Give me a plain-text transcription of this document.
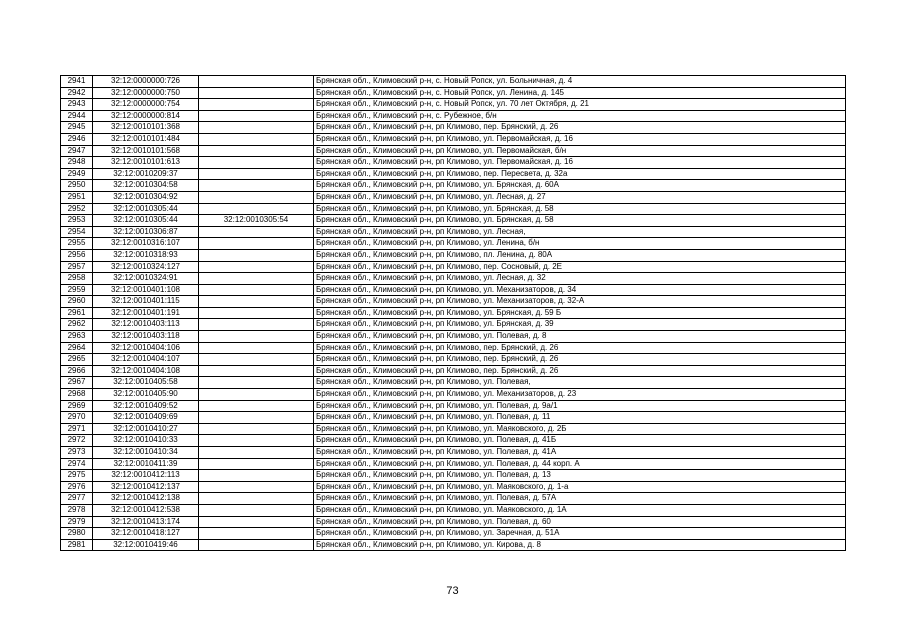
2941	32:12:0000000:726		Брянская обл., Климовский р-н, с. Новый Ропск, ул. Больничная, д. 4
2942	32:12:0000000:750		Брянская обл., Климовский р-н, с. Новый Ропск, ул. Ленина, д. 145
2943	32:12:0000000:754		Брянская обл., Климовский р-н, с. Новый Ропск, ул. 70 лет Октября, д. 21
2944	32:12:0000000:814		Брянская обл., Климовский р-н, с. Рубежное, б/н
2945	32:12:0010101:368		Брянская обл., Климовский р-н, рп Климово, пер. Брянский, д. 26
2946	32:12:0010101:484		Брянская обл., Климовский р-н, рп Климово, ул. Первомайская, д. 16
2947	32:12:0010101:568		Брянская обл., Климовский р-н, рп Климово, ул. Первомайская, б/н
2948	32:12:0010101:613		Брянская обл., Климовский р-н, рп Климово, ул. Первомайская, д. 16
2949	32:12:0010209:37		Брянская обл., Климовский р-н, рп Климово, пер. Пересвета, д. 32а
2950	32:12:0010304:58		Брянская обл., Климовский р-н, рп Климово, ул. Брянская, д. 60А
2951	32:12:0010304:92		Брянская обл., Климовский р-н, рп Климово, ул. Лесная, д. 27
2952	32:12:0010305:44		Брянская обл., Климовский р-н, рп Климово, ул. Брянская, д. 58
2953	32:12:0010305:44	32:12:0010305:54	Брянская обл., Климовский р-н, рп Климово, ул. Брянская, д. 58
2954	32:12:0010306:87		Брянская обл., Климовский р-н, рп Климово, ул. Лесная,
2955	32:12:0010316:107		Брянская обл., Климовский р-н, рп Климово, ул. Ленина, б/н
2956	32:12:0010318:93		Брянская обл., Климовский р-н, рп Климово, пл. Ленина, д. 80А
2957	32:12:0010324:127		Брянская обл., Климовский р-н, рп Климово, пер. Сосновый, д. 2Е
2958	32:12:0010324:91		Брянская обл., Климовский р-н, рп Климово, ул. Лесная, д. 32
2959	32:12:0010401:108		Брянская обл., Климовский р-н, рп Климово, ул. Механизаторов, д. 34
2960	32:12:0010401:115		Брянская обл., Климовский р-н, рп Климово, ул. Механизаторов, д. 32-А
2961	32:12:0010401:191		Брянская обл., Климовский р-н, рп Климово, ул. Брянская, д. 59 Б
2962	32:12:0010403:113		Брянская обл., Климовский р-н, рп Климово, ул. Брянская, д. 39
2963	32:12:0010403:118		Брянская обл., Климовский р-н, рп Климово, ул. Полевая, д. 8
2964	32:12:0010404:106		Брянская обл., Климовский р-н, рп Климово, пер. Брянский, д. 26
2965	32:12:0010404:107		Брянская обл., Климовский р-н, рп Климово, пер. Брянский, д. 26
2966	32:12:0010404:108		Брянская обл., Климовский р-н, рп Климово, пер. Брянский, д. 26
2967	32:12:0010405:58		Брянская обл., Климовский р-н, рп Климово, ул. Полевая,
2968	32:12:0010405:90		Брянская обл., Климовский р-н, рп Климово, ул. Механизаторов, д. 23
2969	32:12:0010409:52		Брянская обл., Климовский р-н, рп Климово, ул. Полевая, д. 9а/1
2970	32:12:0010409:69		Брянская обл., Климовский р-н, рп Климово, ул. Полевая, д. 11
2971	32:12:0010410:27		Брянская обл., Климовский р-н, рп Климово, ул. Маяковского, д. 2Б
2972	32:12:0010410:33		Брянская обл., Климовский р-н, рп Климово, ул. Полевая, д. 41Б
2973	32:12:0010410:34		Брянская обл., Климовский р-н, рп Климово, ул. Полевая, д. 41А
2974	32:12:0010411:39		Брянская обл., Климовский р-н, рп Климово, ул. Полевая, д. 44 корп. А
2975	32:12:0010412:113		Брянская обл., Климовский р-н, рп Климово, ул. Полевая, д. 13
2976	32:12:0010412:137		Брянская обл., Климовский р-н, рп Климово, ул. Маяковского, д. 1-а
2977	32:12:0010412:138		Брянская обл., Климовский р-н, рп Климово, ул. Полевая, д. 57А
2978	32:12:0010412:538		Брянская обл., Климовский р-н, рп Климово, ул. Маяковского, д. 1А
2979	32:12:0010413:174		Брянская обл., Климовский р-н, рп Климово, ул. Полевая, д. 60
2980	32:12:0010418:127		Брянская обл., Климовский р-н, рп Климово, ул. Заречная, д. 51А
2981	32:12:0010419:46		Брянская обл., Климовский р-н, рп Климово, ул. Кирова, д. 8
73
